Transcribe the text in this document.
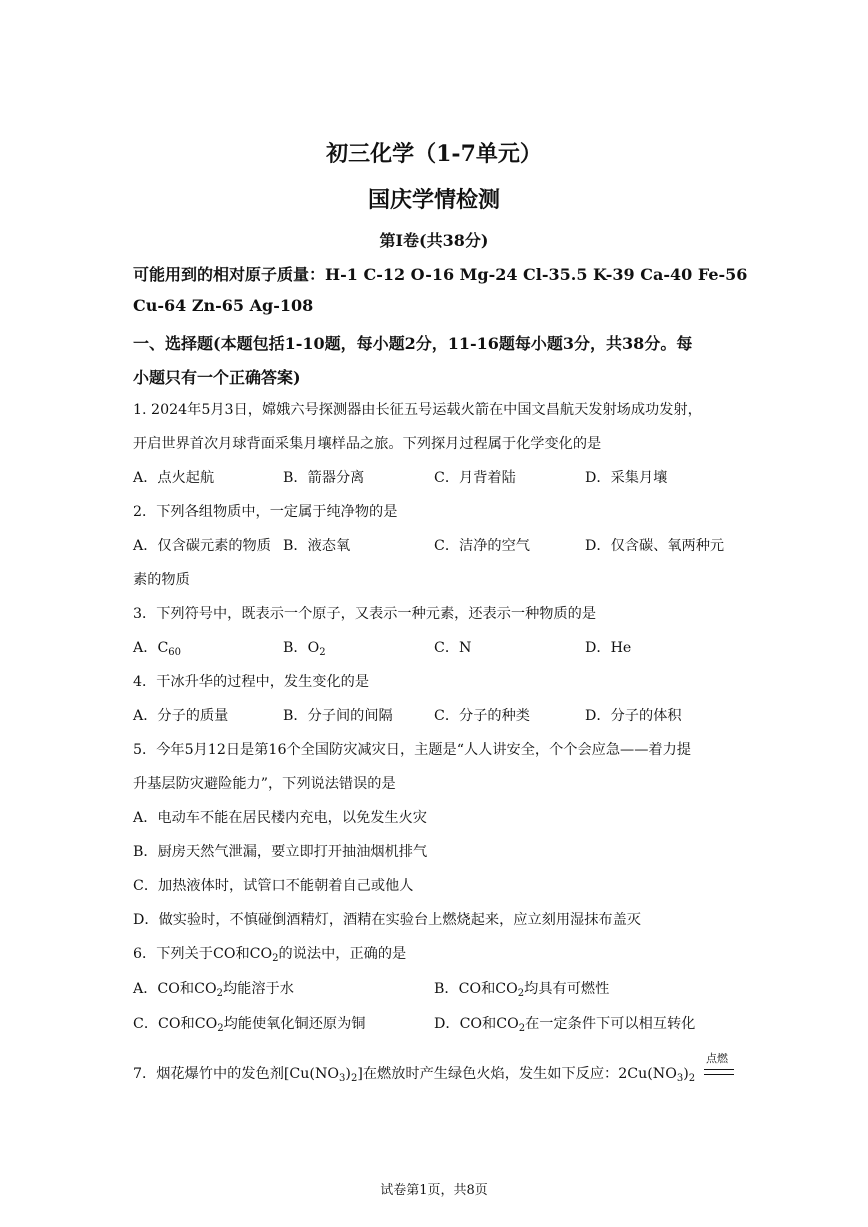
初三化学（1-7单元）
国庆学情检测
第I卷(共38分)
可能用到的相对原子质量：H-1 C-12 O-16 Mg-24 Cl-35.5 K-39 Ca-40 Fe-56
Cu-64 Zn-65 Ag-108
一、选择题(本题包括1-10题，每小题2分，11-16题每小题3分，共38分。每
小题只有一个正确答案)
1. 2024年5月3日，嫦娥六号探测器由长征五号运载火箭在中国文昌航天发射场成功发射，
开启世界首次月球背面采集月壤样品之旅。下列探月过程属于化学变化的是
A．点火起航	B．箭器分离	C．月背着陆	D．采集月壤
2．下列各组物质中，一定属于纯净物的是
A．仅含碳元素的物质 B．液态氧	C．洁净的空气	D．仅含碳、氧两种元
素的物质
3．下列符号中，既表示一个原子，又表示一种元素，还表示一种物质的是
A．$C_{60}$	B．$O_2$	C．N	D．He
4．干冰升华的过程中，发生变化的是
A．分子的质量	B．分子间的间隔	C．分子的种类	D．分子的体积
5．今年5月12日是第16个全国防灾减灾日，主题是“人人讲安全，个个会应急——着力提
升基层防灾避险能力”，下列说法错误的是
A．电动车不能在居民楼内充电，以免发生火灾
B．厨房天然气泄漏，要立即打开抽油烟机排气
C．加热液体时，试管口不能朝着自己或他人
D．做实验时，不慎碰倒酒精灯，酒精在实验台上燃烧起来，应立刻用湿抹布盖灭
6．下列关于CO和$CO_2$的说法中，正确的是
A．CO和$CO_2$均能溶于水	B．CO和$CO_2$均具有可燃性
C．CO和$CO_2$均能使氧化铜还原为铜	D．CO和$CO_2$在一定条件下可以相互转化
7．烟花爆竹中的发色剂$[Cu(NO_3)_2]$在燃放时产生绿色火焰，发生如下反应：$2Cu(NO_3)_2$
点燃
试卷第1页，共8页
